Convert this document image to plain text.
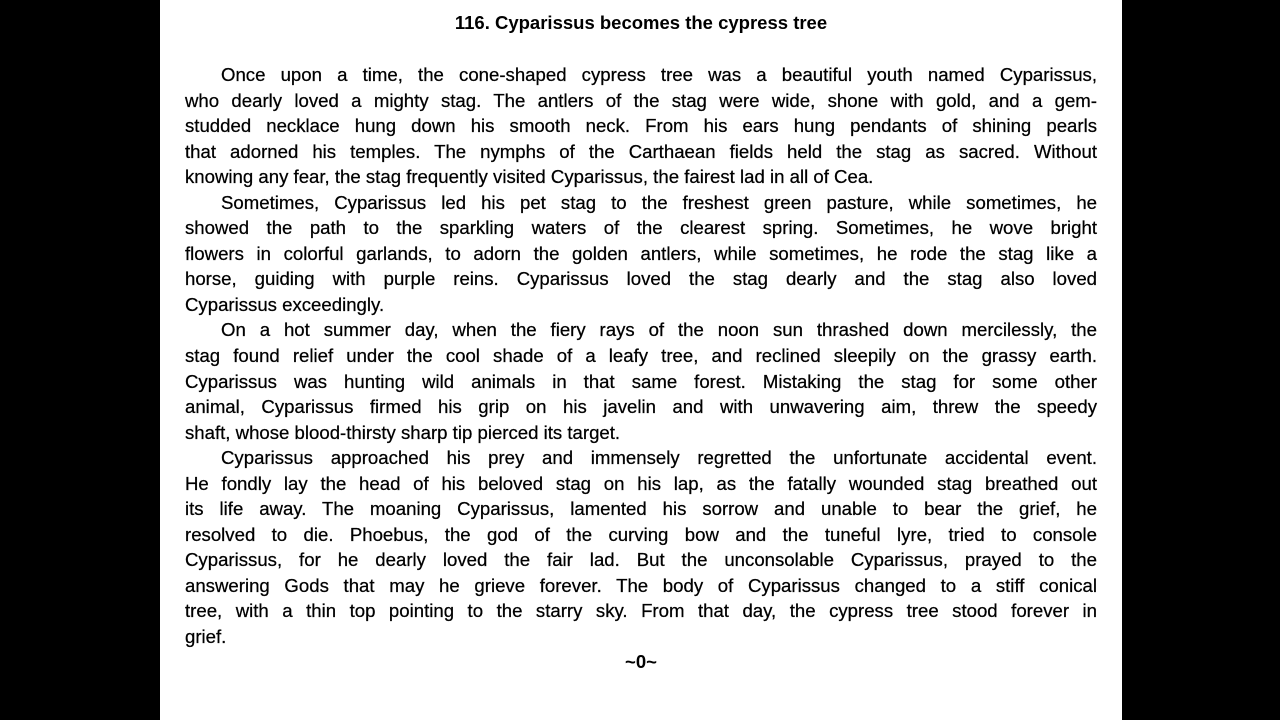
116. Cyparissus becomes the cypress tree
Once upon a time, the cone-shaped cypress tree was a beautiful youth named Cyparissus,
who dearly loved a mighty stag. The antlers of the stag were wide, shone with gold, and a gem-
studded necklace hung down his smooth neck. From his ears hung pendants of shining pearls
that adorned his temples. The nymphs of the Carthaean fields held the stag as sacred. Without
knowing any fear, the stag frequently visited Cyparissus, the fairest lad in all of Cea.
Sometimes, Cyparissus led his pet stag to the freshest green pasture, while sometimes, he
showed the path to the sparkling waters of the clearest spring. Sometimes, he wove bright
flowers in colorful garlands, to adorn the golden antlers, while sometimes, he rode the stag like a
horse, guiding with purple reins. Cyparissus loved the stag dearly and the stag also loved
Cyparissus exceedingly.
On a hot summer day, when the fiery rays of the noon sun thrashed down mercilessly, the
stag found relief under the cool shade of a leafy tree, and reclined sleepily on the grassy earth.
Cyparissus was hunting wild animals in that same forest. Mistaking the stag for some other
animal, Cyparissus firmed his grip on his javelin and with unwavering aim, threw the speedy
shaft, whose blood-thirsty sharp tip pierced its target.
Cyparissus approached his prey and immensely regretted the unfortunate accidental event.
He fondly lay the head of his beloved stag on his lap, as the fatally wounded stag breathed out
its life away. The moaning Cyparissus, lamented his sorrow and unable to bear the grief, he
resolved to die. Phoebus, the god of the curving bow and the tuneful lyre, tried to console
Cyparissus, for he dearly loved the fair lad. But the unconsolable Cyparissus, prayed to the
answering Gods that may he grieve forever. The body of Cyparissus changed to a stiff conical
tree, with a thin top pointing to the starry sky. From that day, the cypress tree stood forever in
grief.
~0~
